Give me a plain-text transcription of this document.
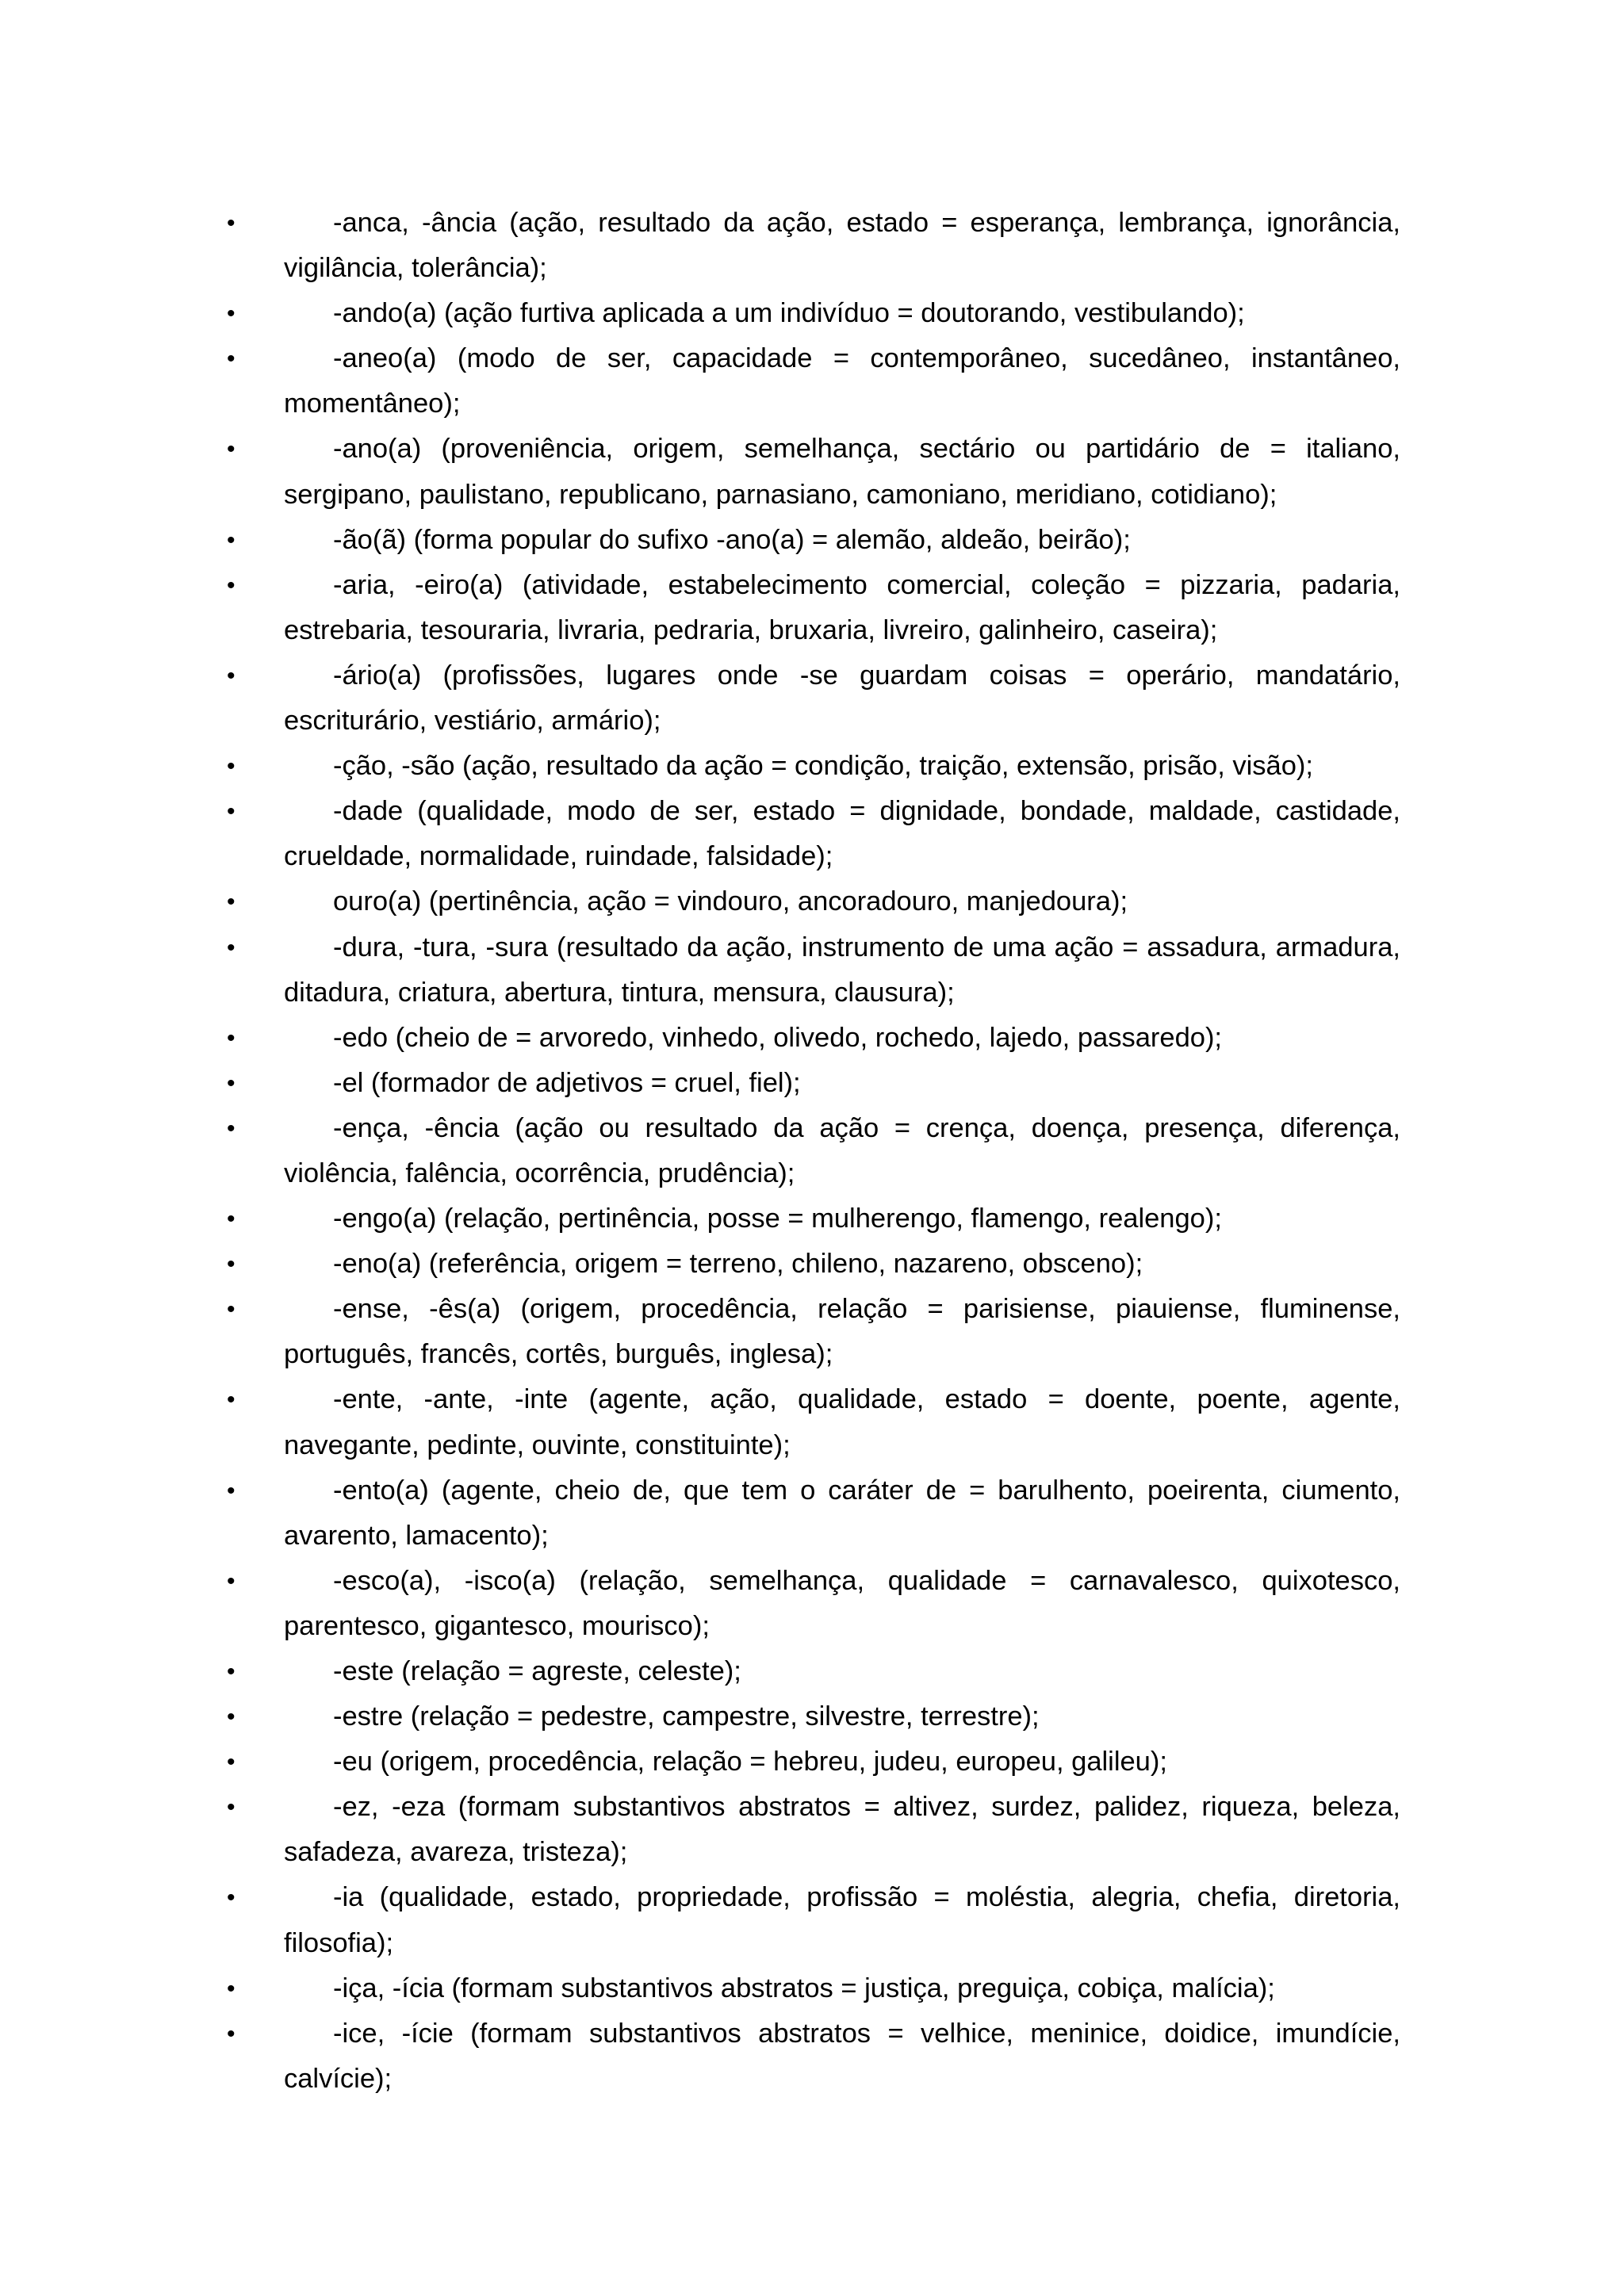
•	-anca, -ância (ação, resultado da ação, estado = esperança, lembrança, ignorância, vigilância, tolerância);
•	-ando(a) (ação furtiva aplicada a um indivíduo = doutorando, vestibulando);
•	-aneo(a) (modo de ser, capacidade = contemporâneo, sucedâneo, instantâneo, momentâneo);
•	-ano(a) (proveniência, origem, semelhança, sectário ou partidário de = italiano, sergipano, paulistano, republicano, parnasiano, camoniano, meridiano, cotidiano);
•	-ão(ã) (forma popular do sufixo -ano(a) = alemão, aldeão, beirão);
•	-aria, -eiro(a) (atividade, estabelecimento comercial, coleção = pizzaria, padaria, estrebaria, tesouraria, livraria, pedraria, bruxaria, livreiro, galinheiro, caseira);
•	-ário(a) (profissões, lugares onde -se guardam coisas = operário, mandatário, escriturário, vestiário, armário);
•	-ção, -são (ação, resultado da ação = condição, traição, extensão, prisão, visão);
•	-dade (qualidade, modo de ser, estado = dignidade, bondade, maldade, castidade, crueldade, normalidade, ruindade, falsidade);
•	ouro(a) (pertinência, ação = vindouro, ancoradouro, manjedoura);
•	-dura, -tura, -sura (resultado da ação, instrumento de uma ação = assadura, armadura, ditadura, criatura, abertura, tintura, mensura, clausura);
•	-edo (cheio de = arvoredo, vinhedo, olivedo, rochedo, lajedo, passaredo);
•	-el (formador de adjetivos = cruel, fiel);
•	-ença, -ência (ação ou resultado da ação = crença, doença, presença, diferença, violência, falência, ocorrência, prudência);
•	-engo(a) (relação, pertinência, posse = mulherengo, flamengo, realengo);
•	-eno(a) (referência, origem = terreno, chileno, nazareno, obsceno);
•	-ense, -ês(a) (origem, procedência, relação = parisiense, piauiense, fluminense, português, francês, cortês, burguês, inglesa);
•	-ente, -ante, -inte (agente, ação, qualidade, estado = doente, poente, agente, navegante, pedinte, ouvinte, constituinte);
•	-ento(a) (agente, cheio de, que tem o caráter de = barulhento, poeirenta, ciumento, avarento, lamacento);
•	-esco(a), -isco(a) (relação, semelhança, qualidade = carnavalesco, quixotesco, parentesco, gigantesco, mourisco);
•	-este (relação = agreste, celeste);
•	-estre (relação = pedestre, campestre, silvestre, terrestre);
•	-eu (origem, procedência, relação = hebreu, judeu, europeu, galileu);
•	-ez, -eza (formam substantivos abstratos = altivez, surdez, palidez, riqueza, beleza, safadeza, avareza, tristeza);
•	-ia (qualidade, estado, propriedade, profissão = moléstia, alegria, chefia, diretoria, filosofia);
•	-iça, -ícia (formam substantivos abstratos = justiça, preguiça, cobiça, malícia);
•	-ice, -ície (formam substantivos abstratos = velhice, meninice, doidice, imundície, calvície);
